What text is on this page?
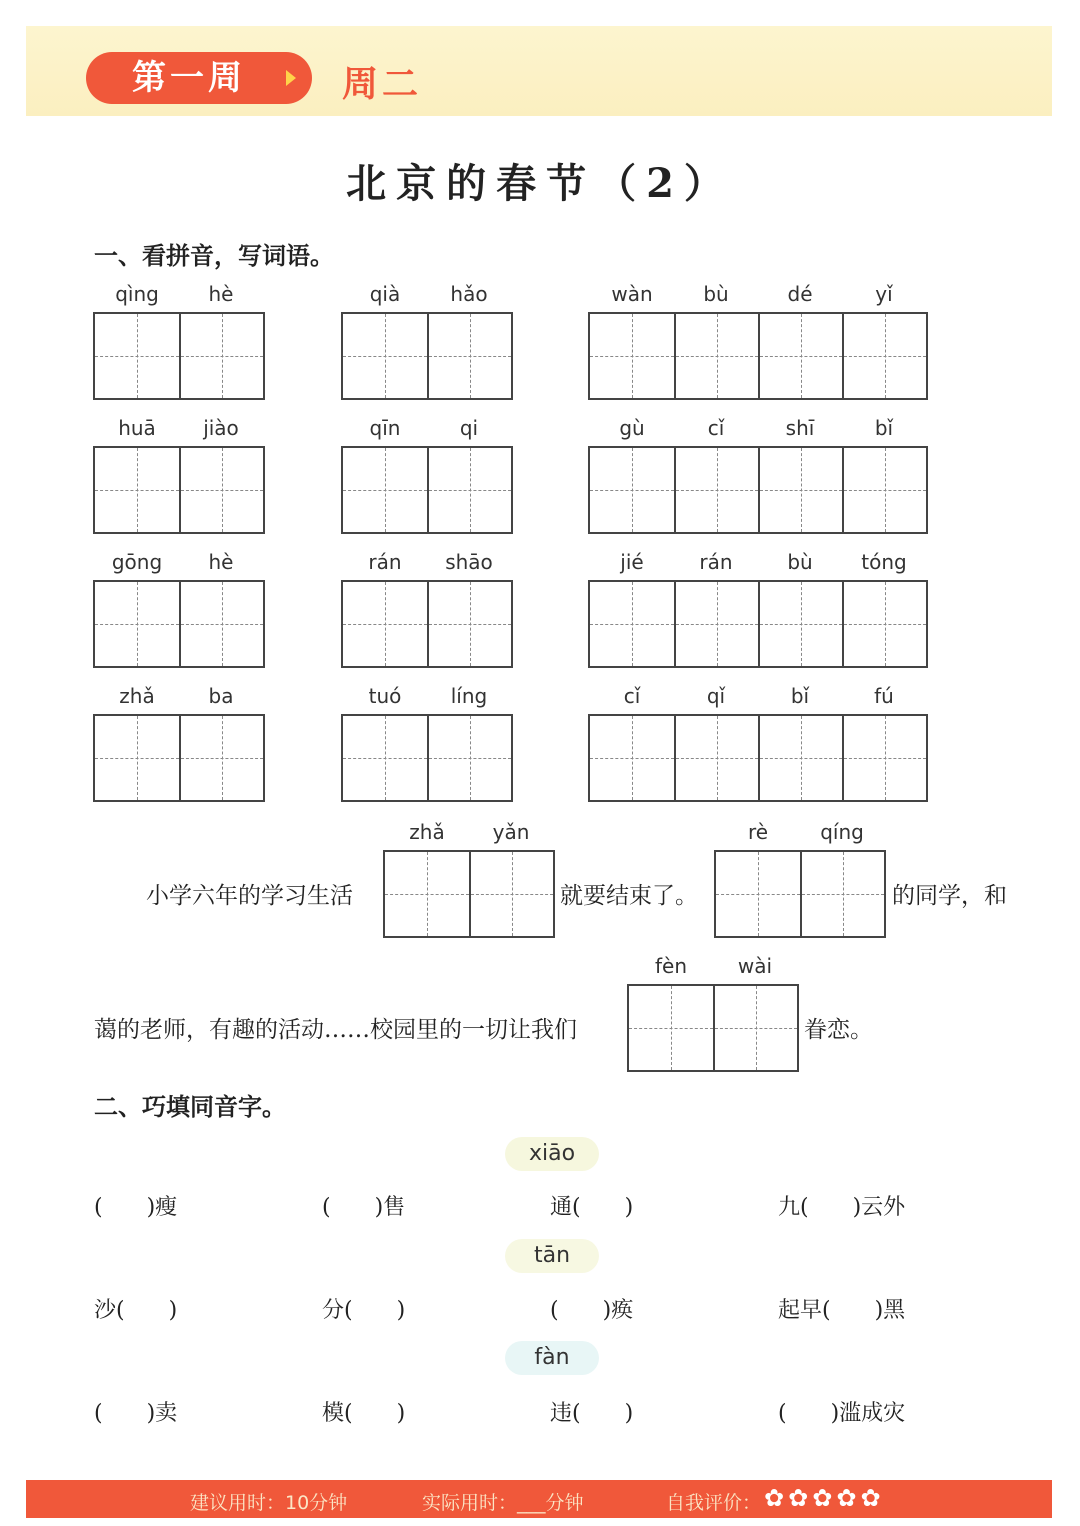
第一周	周二
北京的春节（2）
一、看拼音，写词语。
qìng	hè	qià	hǎo	wàn	bù	dé	yǐ
huā	jiào	qīn	qi	gù	cǐ	shī	bǐ
gōng	hè	rán	shāo	jié	rán	bù	tóng
zhǎ	ba	tuó	líng	cǐ	qǐ	bǐ	fú
zhǎ	yǎn	rè	qíng
fèn	wài
小学六年的学习生活	就要结束了。	的同学，和
蔼的老师，有趣的活动……校园里的一切让我们	眷恋。
二、巧填同音字。
xiāo
tān
fàn
(　　)瘦	(　　)售	通(　　)	九(　　)云外
沙(　　)	分(　　)	(　　)痪	起早(　　)黑
(　　)卖	模(　　)	违(　　)	(　　)滥成灾
建议用时：10分钟	实际用时：___分钟	自我评价： ✿✿✿✿✿
